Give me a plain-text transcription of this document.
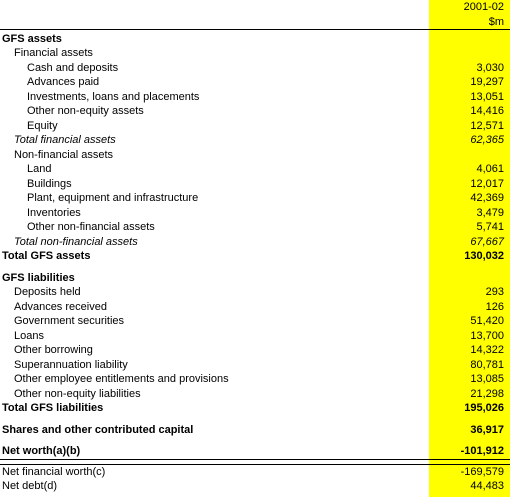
2001-02
$m
GFS assets
Financial assets
Cash and deposits	3,030
Advances paid	19,297
Investments, loans and placements	13,051
Other non-equity assets	14,416
Equity	12,571
Total financial assets	62,365
Non-financial assets
Land	4,061
Buildings	12,017
Plant, equipment and infrastructure	42,369
Inventories	3,479
Other non-financial assets	5,741
Total non-financial assets	67,667
Total GFS assets	130,032
GFS liabilities
Deposits held	293
Advances received	126
Government securities	51,420
Loans	13,700
Other borrowing	14,322
Superannuation liability	80,781
Other employee entitlements and provisions	13,085
Other non-equity liabilities	21,298
Total GFS liabilities	195,026
Shares and other contributed capital	36,917
Net worth(a)(b)	-101,912
Net financial worth(c)	-169,579
Net debt(d)	44,483
